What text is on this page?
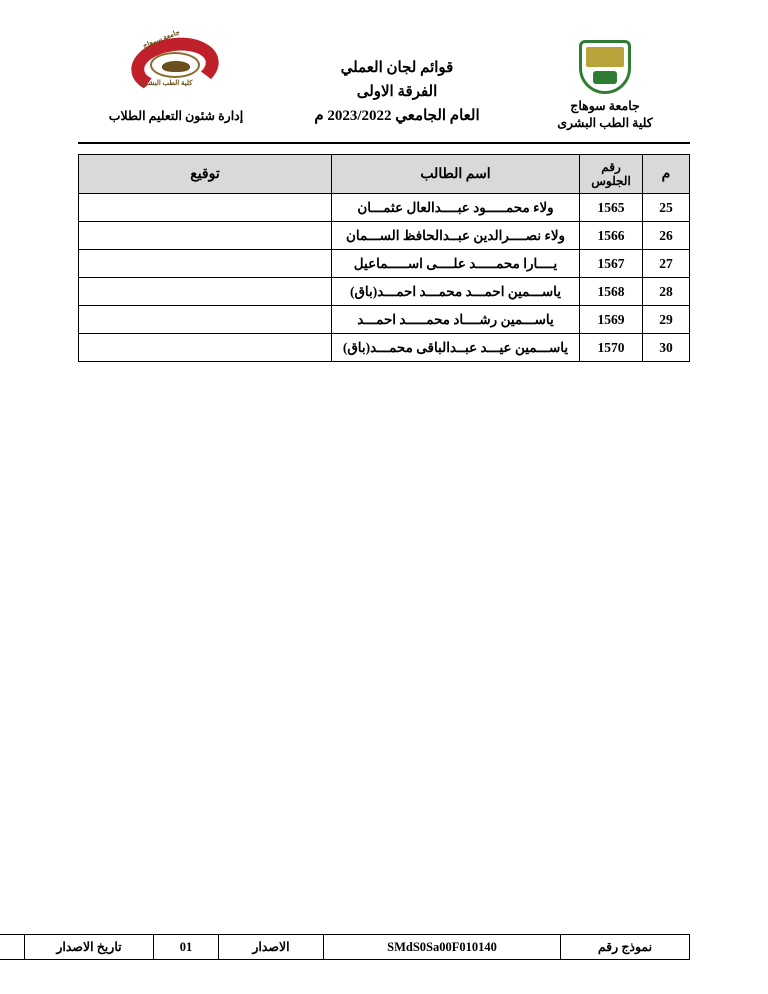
جامعة سوهاج
كلية الطب البشرى
قوائم لجان العملي
الفرقة الاولى
العام الجامعي 2023/2022 م
جامعة سوهاج
كلية الطب البشرى
إدارة شئون التعليم الطلاب
م	رقم الجلوس	اسم الطالب	توقيع
25	1565	ولاء محمـــــود عبــــدالعال عثمـــان	
26	1566	ولاء نصــــرالدين عبــدالحافظ الســـمان	
27	1567	يــــارا محمـــــد علــــى اســـــماعيل	
28	1568	ياســـمين احمـــد محمـــد احمـــد(باق)	
29	1569	ياســـمين رشــــاد محمـــــد احمـــد	
30	1570	ياســـمين عيـــد عبــدالباقى محمـــد(باق)	
نموذج رقم	SMdS0Sa00F010140	الاصدار	01	تاريخ الاصدار	
